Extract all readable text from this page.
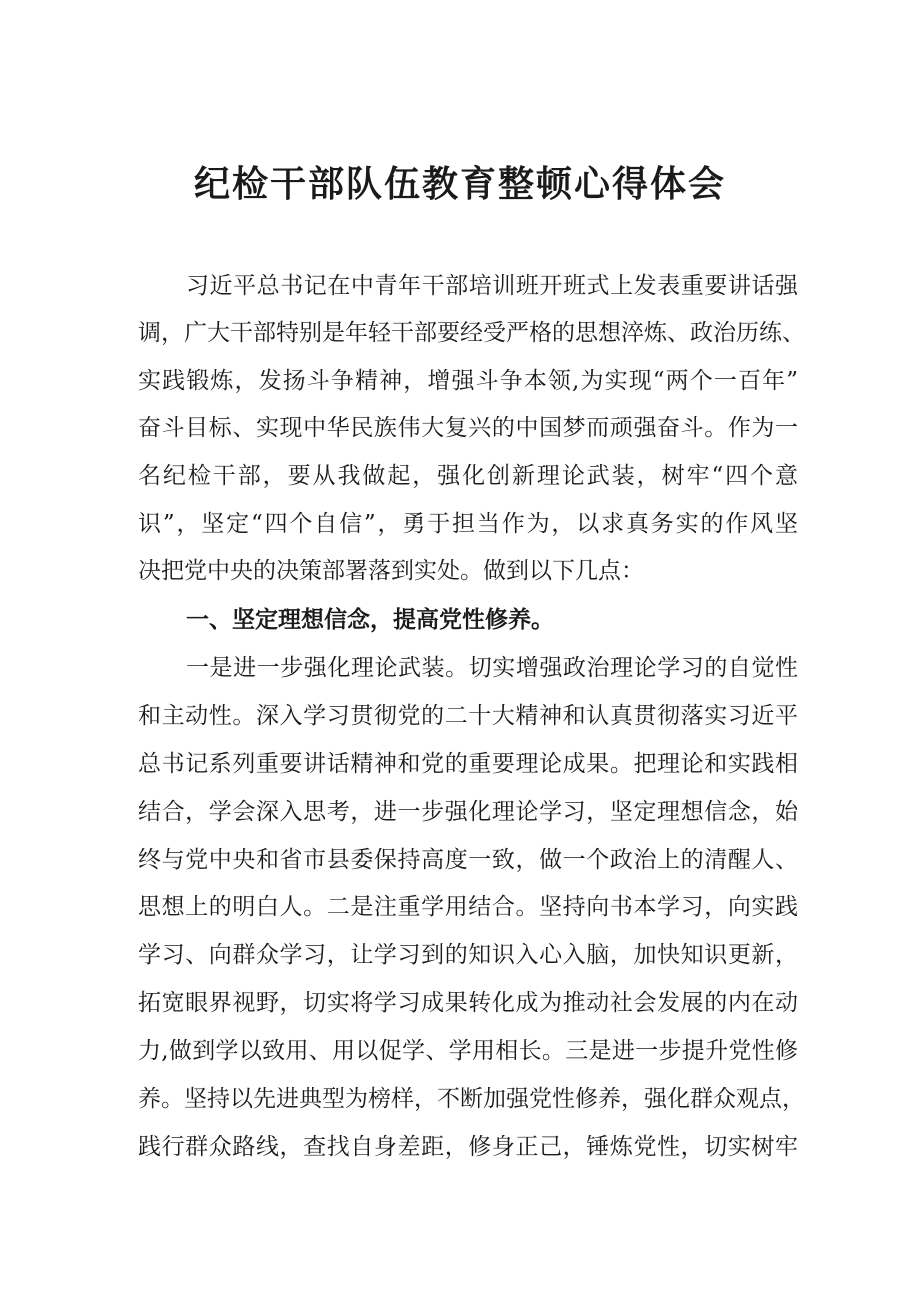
纪检干部队伍教育整顿心得体会

习近平总书记在中青年干部培训班开班式上发表重要讲话强

调，广大干部特别是年轻干部要经受严格的思想淬炼、政治历练、

实践锻炼，发扬斗争精神，增强斗争本领,为实现“两个一百年”

奋斗目标、实现中华民族伟大复兴的中国梦而顽强奋斗。作为一

名纪检干部，要从我做起，强化创新理论武装，树牢“四个意

识”，坚定“四个自信”，勇于担当作为，以求真务实的作风坚

决把党中央的决策部署落到实处。做到以下几点：

一、坚定理想信念，提高党性修养。

一是进一步强化理论武装。切实增强政治理论学习的自觉性

和主动性。深入学习贯彻党的二十大精神和认真贯彻落实习近平

总书记系列重要讲话精神和党的重要理论成果。把理论和实践相

结合，学会深入思考，进一步强化理论学习，坚定理想信念，始

终与党中央和省市县委保持高度一致，做一个政治上的清醒人、

思想上的明白人。二是注重学用结合。坚持向书本学习，向实践

学习、向群众学习，让学习到的知识入心入脑，加快知识更新，

拓宽眼界视野，切实将学习成果转化成为推动社会发展的内在动

力,做到学以致用、用以促学、学用相长。三是进一步提升党性修

养。坚持以先进典型为榜样，不断加强党性修养，强化群众观点，

践行群众路线，查找自身差距，修身正己，锤炼党性，切实树牢
